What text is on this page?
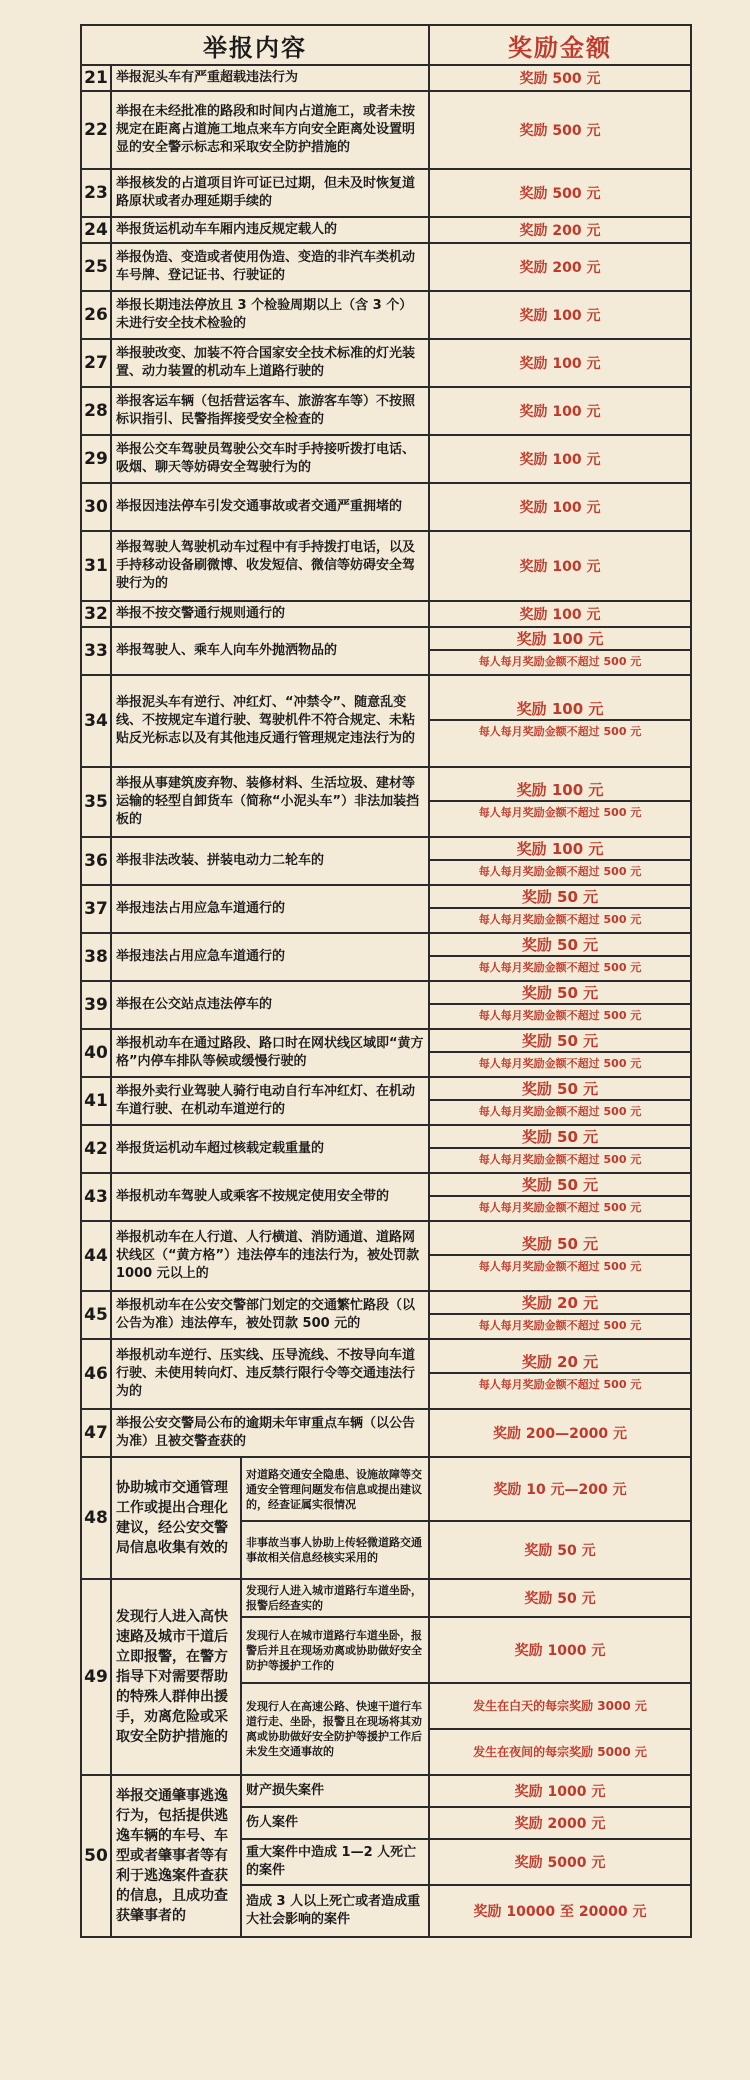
举报内容			奖励金额
21	举报泥头车有严重超载违法行为		奖励 500 元
22	举报在未经批准的路段和时间内占道施工，或者未按规定在距离占道施工地点来车方向安全距离处设置明显的安全警示标志和采取安全防护措施的		奖励 500 元
23	举报核发的占道项目许可证已过期，但未及时恢复道路原状或者办理延期手续的		奖励 500 元
24	举报货运机动车车厢内违反规定载人的		奖励 200 元
25	举报伪造、变造或者使用伪造、变造的非汽车类机动车号牌、登记证书、行驶证的		奖励 200 元
26	举报长期违法停放且 3 个检验周期以上（含 3 个）未进行安全技术检验的		奖励 100 元
27	举报驶改变、加装不符合国家安全技术标准的灯光装置、动力装置的机动车上道路行驶的		奖励 100 元
28	举报客运车辆（包括营运客车、旅游客车等）不按照标识指引、民警指挥接受安全检查的		奖励 100 元
29	举报公交车驾驶员驾驶公交车时手持接听拨打电话、吸烟、聊天等妨碍安全驾驶行为的		奖励 100 元
30	举报因违法停车引发交通事故或者交通严重拥堵的		奖励 100 元
31	举报驾驶人驾驶机动车过程中有手持拨打电话，以及手持移动设备刷微博、收发短信、微信等妨碍安全驾驶行为的		奖励 100 元
32	举报不按交警通行规则通行的		奖励 100 元
33	举报驾驶人、乘车人向车外抛洒物品的		奖励 100 元
每人每月奖励金额不超过 500 元

34	举报泥头车有逆行、冲红灯、“冲禁令”、随意乱变线、不按规定车道行驶、驾驶机件不符合规定、未粘贴反光标志以及有其他违反通行管理规定违法行为的		奖励 100 元
每人每月奖励金额不超过 500 元

35	举报从事建筑废弃物、装修材料、生活垃圾、建材等运输的轻型自卸货车（简称“小泥头车”）非法加装挡板的		奖励 100 元
每人每月奖励金额不超过 500 元

36	举报非法改装、拼装电动力二轮车的		奖励 100 元
每人每月奖励金额不超过 500 元

37	举报违法占用应急车道通行的		奖励 50 元
每人每月奖励金额不超过 500 元

38	举报违法占用应急车道通行的		奖励 50 元
每人每月奖励金额不超过 500 元

39	举报在公交站点违法停车的		奖励 50 元
每人每月奖励金额不超过 500 元

40	举报机动车在通过路段、路口时在网状线区域即“黄方格”内停车排队等候或缓慢行驶的		奖励 50 元
每人每月奖励金额不超过 500 元

41	举报外卖行业驾驶人骑行电动自行车冲红灯、在机动车道行驶、在机动车道逆行的		奖励 50 元
每人每月奖励金额不超过 500 元

42	举报货运机动车超过核载定载重量的		奖励 50 元
每人每月奖励金额不超过 500 元

43	举报机动车驾驶人或乘客不按规定使用安全带的		奖励 50 元
每人每月奖励金额不超过 500 元

44	举报机动车在人行道、人行横道、消防通道、道路网状线区（“黄方格”）违法停车的违法行为，被处罚款 1000 元以上的		奖励 50 元
每人每月奖励金额不超过 500 元

45	举报机动车在公安交警部门划定的交通繁忙路段（以公告为准）违法停车，被处罚款 500 元的		奖励 20 元
每人每月奖励金额不超过 500 元

46	举报机动车逆行、压实线、压导流线、不按导向车道行驶、未使用转向灯、违反禁行限行令等交通违法行为的		奖励 20 元
每人每月奖励金额不超过 500 元

47	举报公安交警局公布的逾期未年审重点车辆（以公告为准）且被交警查获的		奖励 200—2000 元
48	协助城市交通管理工作或提出合理化建议，经公安交警局信息收集有效的	对道路交通安全隐患、设施故障等交通安全管理问题发布信息或提出建议的，经查证属实很情况	奖励 10 元—200 元
		非事故当事人协助上传轻微道路交通事故相关信息经核实采用的	奖励 50 元
49	发现行人进入高快速路及城市干道后立即报警，在警方指导下对需要帮助的特殊人群伸出援手，劝离危险或采取安全防护措施的	发现行人进入城市道路行车道坐卧，报警后经查实的	奖励 50 元
		发现行人在城市道路行车道坐卧，报警后并且在现场劝离或协助做好安全防护等援护工作的	奖励 1000 元
		发现行人在高速公路、快速干道行车道行走、坐卧，报警且在现场将其劝离或协助做好安全防护等援护工作后未发生交通事故的	发生在白天的每宗奖励 3000 元
发生在夜间的每宗奖励 5000 元

50	举报交通肇事逃逸行为，包括提供逃逸车辆的车号、车型或者肇事者等有利于逃逸案件查获的信息，且成功查获肇事者的	财产损失案件	奖励 1000 元
		伤人案件	奖励 2000 元
		重大案件中造成 1—2 人死亡的案件	奖励 5000 元
		造成 3 人以上死亡或者造成重大社会影响的案件	奖励 10000 至 20000 元
